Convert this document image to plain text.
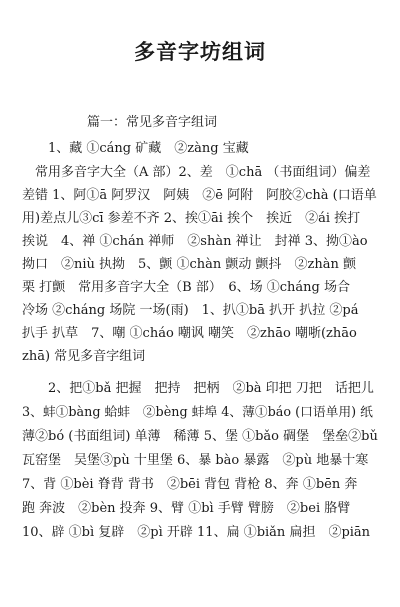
多音字坊组词
　　　　　篇一：常见多音字组词
　　1、藏 ①cáng 矿藏　②zàng 宝藏
　常用多音字大全（A 部）2、差　①chā （书面组词）偏差
差错 1、阿①ā 阿罗汉　阿姨　②ē 阿附　阿胶②chà (口语单
用)差点儿③cī 参差不齐 2、挨①āi 挨个　挨近　②ái 挨打
挨说　4、禅 ①chán 禅师　②shàn 禅让　封禅 3、拗①ào
拗口　②niù 执拗　5、颤 ①chàn 颤动 颤抖　②zhàn 颤
栗 打颤　常用多音字大全（B 部）　6、场 ①cháng 场合
冷场 ②cháng 场院 一场(雨)　1、扒①bā 扒开 扒拉 ②pá
扒手 扒草　7、嘲 ①cháo 嘲讽 嘲笑　②zhāo 嘲哳(zhāo
zhā) 常见多音字组词
　　2、把①bǎ 把握　把持　把柄　②bà 印把 刀把　话把儿
3、蚌①bàng 蛤蚌　②bèng 蚌埠 4、薄①báo (口语单用) 纸
薄②bó (书面组词) 单薄　稀薄 5、堡 ①bǎo 碉堡　堡垒②bǔ
瓦窑堡　吴堡③pù 十里堡 6、暴 bào 暴露　②pù 地暴十寒
7、背 ①bèi 脊背 背书　②bēi 背包 背枪 8、奔 ①bēn 奔
跑 奔波　②bèn 投奔 9、臂 ①bì 手臂 臂膀　②bei 胳臂
10、辟 ①bì 复辟　②pì 开辟 11、扁 ①biǎn 扁担　②piān
